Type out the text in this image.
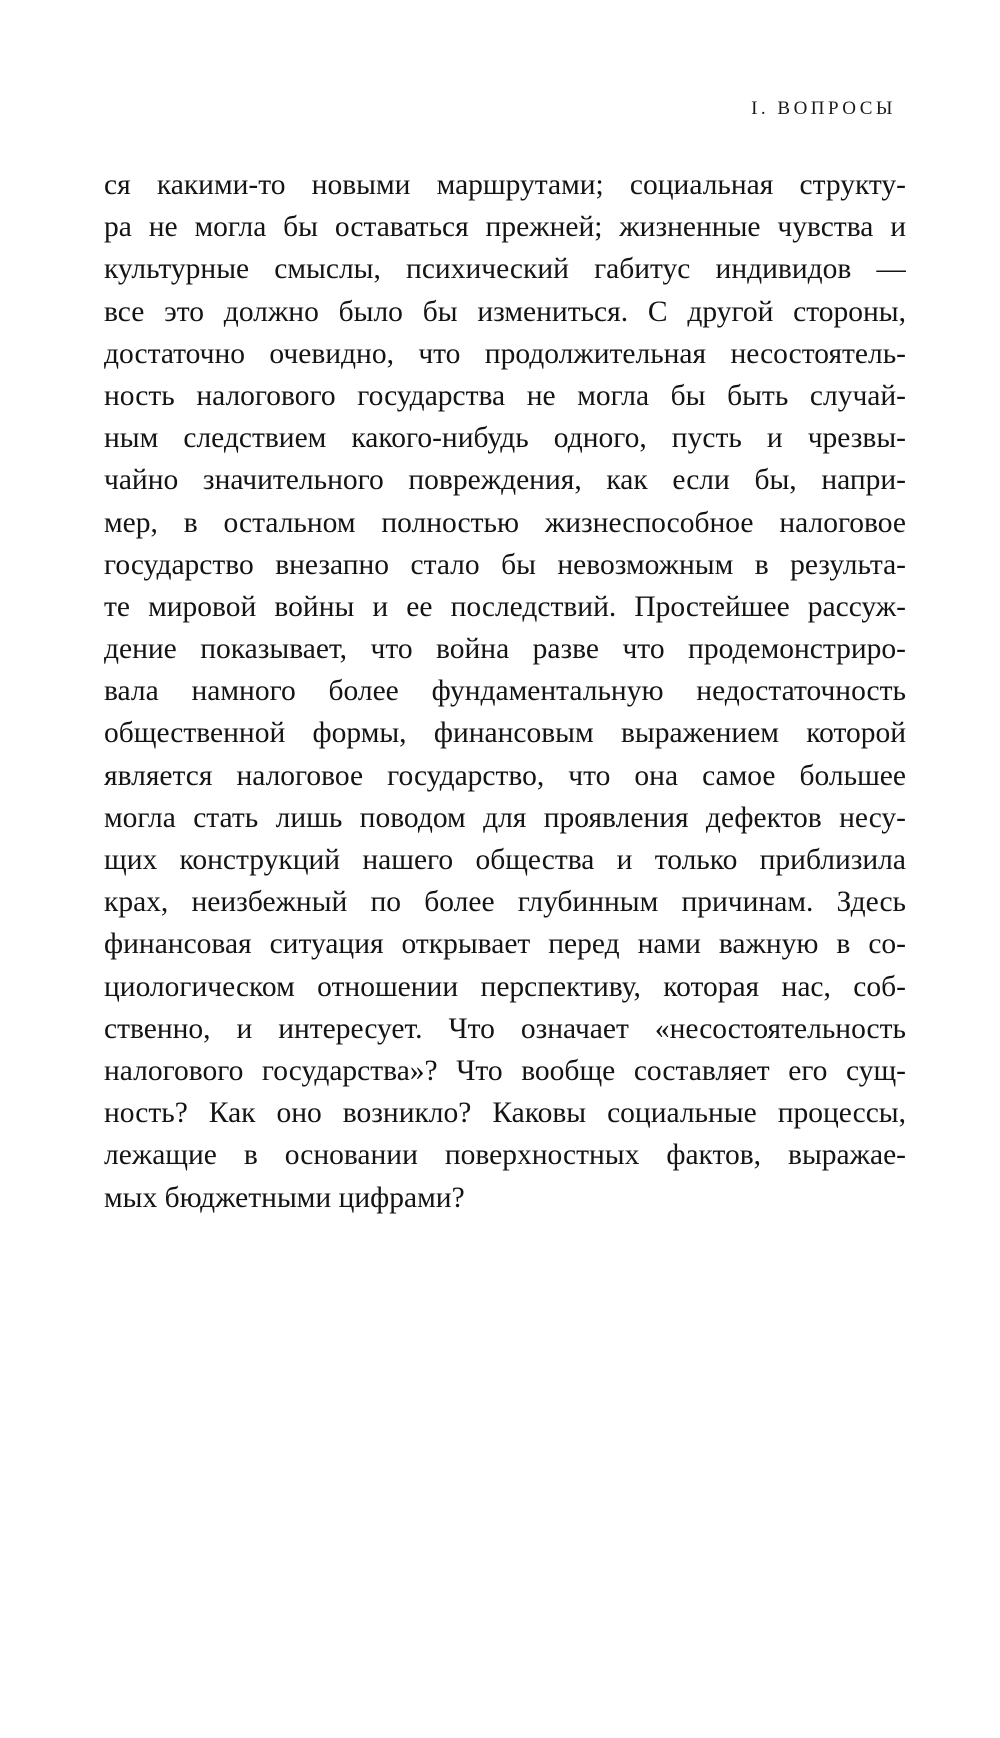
I. ВОПРОСЫ
ся какими-то новыми маршрутами; социальная структу-
ра не могла бы оставаться прежней; жизненные чувства и
культурные смыслы, психический габитус индивидов —
все это должно было бы измениться. С другой стороны,
достаточно очевидно, что продолжительная несостоятель-
ность налогового государства не могла бы быть случай-
ным следствием какого-нибудь одного, пусть и чрезвы-
чайно значительного повреждения, как если бы, напри-
мер, в остальном полностью жизнеспособное налоговое
государство внезапно стало бы невозможным в результа-
те мировой войны и ее последствий. Простейшее рассуж-
дение показывает, что война разве что продемонстриро-
вала намного более фундаментальную недостаточность
общественной формы, финансовым выражением которой
является налоговое государство, что она самое большее
могла стать лишь поводом для проявления дефектов несу-
щих конструкций нашего общества и только приблизила
крах, неизбежный по более глубинным причинам. Здесь
финансовая ситуация открывает перед нами важную в со-
циологическом отношении перспективу, которая нас, соб-
ственно, и интересует. Что означает «несостоятельность
налогового государства»? Что вообще составляет его сущ-
ность? Как оно возникло? Каковы социальные процессы,
лежащие в основании поверхностных фактов, выражае-
мых бюджетными цифрами?
